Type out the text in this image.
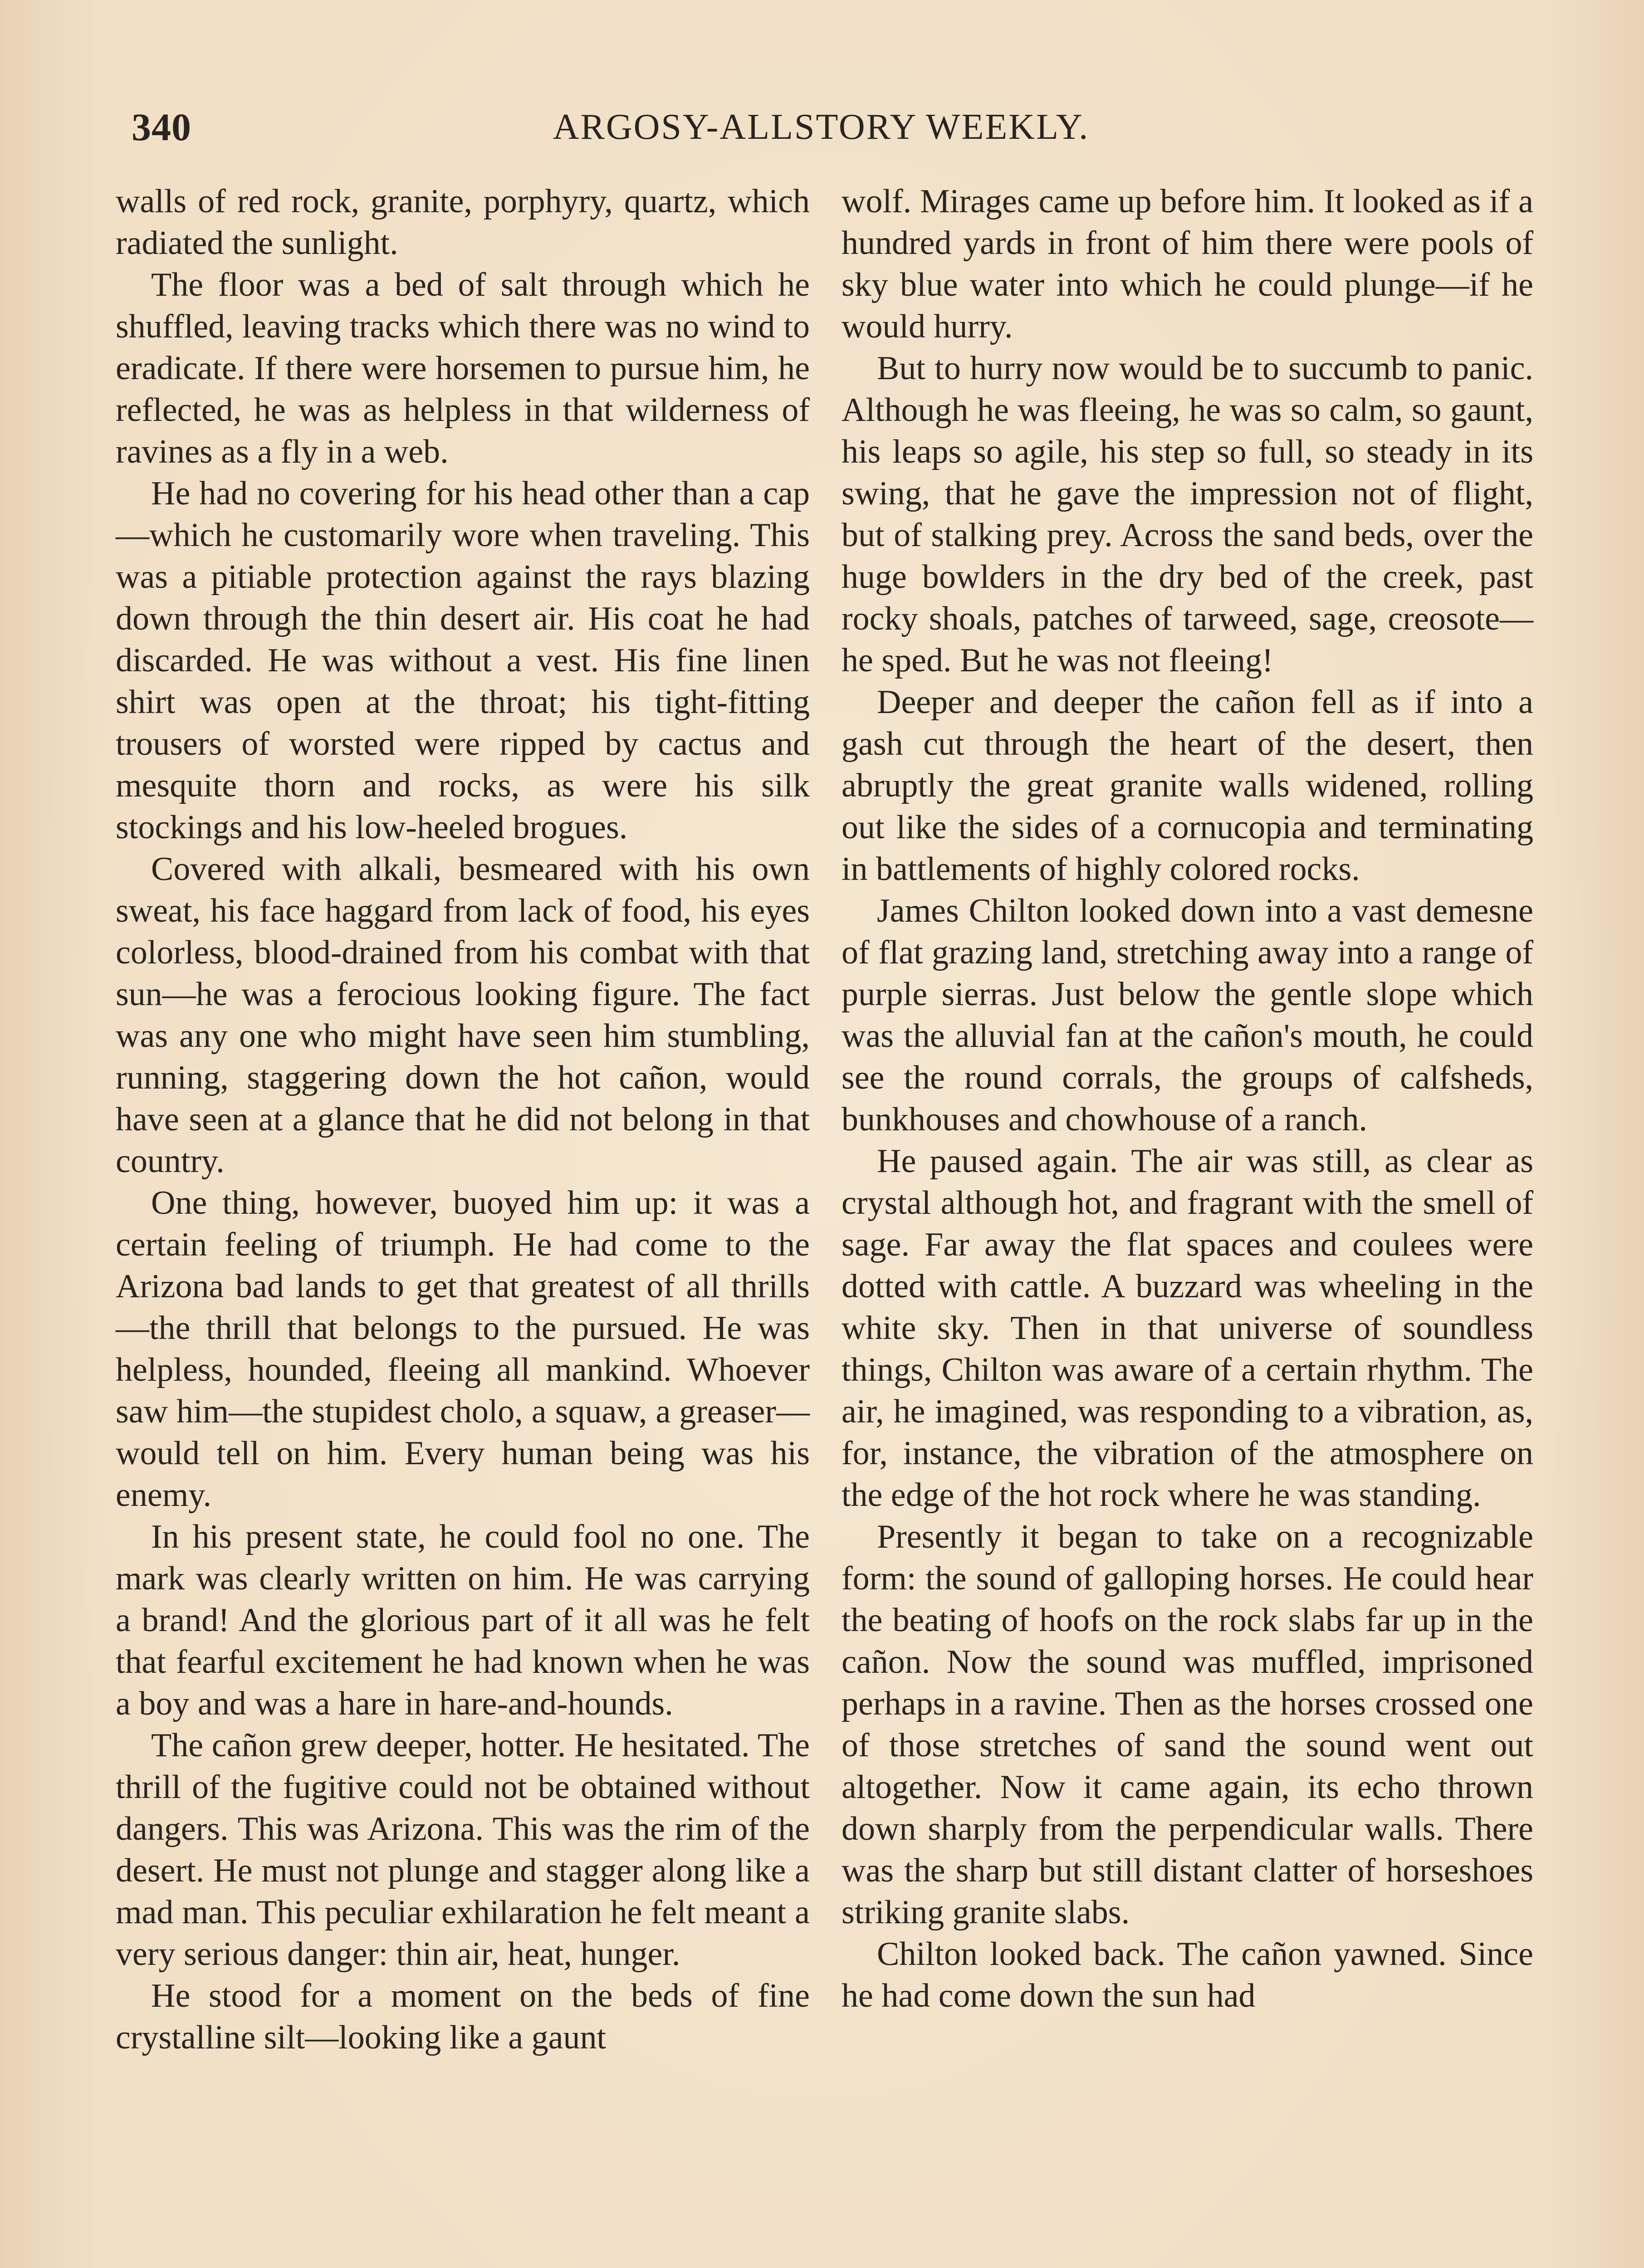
340	ARGOSY-ALLSTORY WEEKLY.

walls of red rock, granite, porphyry, quartz, which radiated the sunlight.

The floor was a bed of salt through which he shuffled, leaving tracks which there was no wind to eradicate. If there were horsemen to pursue him, he reflected, he was as helpless in that wilderness of ravines as a fly in a web.

He had no covering for his head other than a cap—which he customarily wore when traveling. This was a pitiable protection against the rays blazing down through the thin desert air. His coat he had discarded. He was without a vest. His fine linen shirt was open at the throat; his tight-fitting trousers of worsted were ripped by cactus and mesquite thorn and rocks, as were his silk stockings and his low-heeled brogues.

Covered with alkali, besmeared with his own sweat, his face haggard from lack of food, his eyes colorless, blood-drained from his combat with that sun—he was a ferocious looking figure. The fact was any one who might have seen him stumbling, running, staggering down the hot cañon, would have seen at a glance that he did not belong in that country.

One thing, however, buoyed him up: it was a certain feeling of triumph. He had come to the Arizona bad lands to get that greatest of all thrills—the thrill that belongs to the pursued. He was helpless, hounded, fleeing all mankind. Whoever saw him—the stupidest cholo, a squaw, a greaser—would tell on him. Every human being was his enemy.

In his present state, he could fool no one. The mark was clearly written on him. He was carrying a brand! And the glorious part of it all was he felt that fearful excitement he had known when he was a boy and was a hare in hare-and-hounds.

The cañon grew deeper, hotter. He hesitated. The thrill of the fugitive could not be obtained without dangers. This was Arizona. This was the rim of the desert. He must not plunge and stagger along like a mad man. This peculiar exhilaration he felt meant a very serious danger: thin air, heat, hunger.

He stood for a moment on the beds of fine crystalline silt—looking like a gaunt

wolf. Mirages came up before him. It looked as if a hundred yards in front of him there were pools of sky blue water into which he could plunge—if he would hurry.

But to hurry now would be to succumb to panic. Although he was fleeing, he was so calm, so gaunt, his leaps so agile, his step so full, so steady in its swing, that he gave the impression not of flight, but of stalking prey. Across the sand beds, over the huge bowlders in the dry bed of the creek, past rocky shoals, patches of tarweed, sage, creosote—he sped. But he was not fleeing!

Deeper and deeper the cañon fell as if into a gash cut through the heart of the desert, then abruptly the great granite walls widened, rolling out like the sides of a cornucopia and terminating in battlements of highly colored rocks.

James Chilton looked down into a vast demesne of flat grazing land, stretching away into a range of purple sierras. Just below the gentle slope which was the alluvial fan at the cañon's mouth, he could see the round corrals, the groups of calfsheds, bunkhouses and chowhouse of a ranch.

He paused again. The air was still, as clear as crystal although hot, and fragrant with the smell of sage. Far away the flat spaces and coulees were dotted with cattle. A buzzard was wheeling in the white sky. Then in that universe of soundless things, Chilton was aware of a certain rhythm. The air, he imagined, was responding to a vibration, as, for, instance, the vibration of the atmosphere on the edge of the hot rock where he was standing.

Presently it began to take on a recognizable form: the sound of galloping horses. He could hear the beating of hoofs on the rock slabs far up in the cañon. Now the sound was muffled, imprisoned perhaps in a ravine. Then as the horses crossed one of those stretches of sand the sound went out altogether. Now it came again, its echo thrown down sharply from the perpendicular walls. There was the sharp but still distant clatter of horseshoes striking granite slabs.

Chilton looked back. The cañon yawned. Since he had come down the sun had
